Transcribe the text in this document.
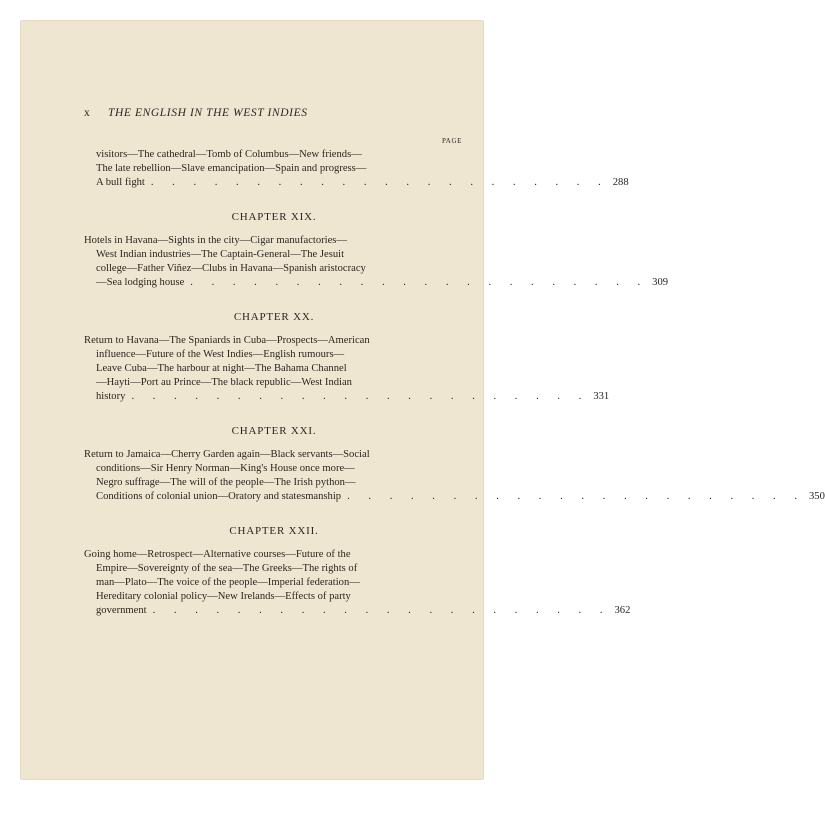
x THE ENGLISH IN THE WEST INDIES
PAGE
visitors—The cathedral—Tomb of Columbus—New friends—
The late rebellion—Slave emancipation—Spain and progress—
A bull fight . . . . . . . . . . . . . . . . . . . . . . 288
CHAPTER XIX.
Hotels in Havana—Sights in the city—Cigar manufactories—
West Indian industries—The Captain-General—The Jesuit
college—Father Viñez—Clubs in Havana—Spanish aristocracy
—Sea lodging house . . . . . . . . . . . . . . . . . . . . . . 309
CHAPTER XX.
Return to Havana—The Spaniards in Cuba—Prospects—American
influence—Future of the West Indies—English rumours—
Leave Cuba—The harbour at night—The Bahama Channel
—Hayti—Port au Prince—The black republic—West Indian
history . . . . . . . . . . . . . . . . . . . . . . 331
CHAPTER XXI.
Return to Jamaica—Cherry Garden again—Black servants—Social
conditions—Sir Henry Norman—King's House once more—
Negro suffrage—The will of the people—The Irish python—
Conditions of colonial union—Oratory and statesmanship . . . . . . . . . . . . . . . . . . . . . . 350
CHAPTER XXII.
Going home—Retrospect—Alternative courses—Future of the
Empire—Sovereignty of the sea—The Greeks—The rights of
man—Plato—The voice of the people—Imperial federation—
Hereditary colonial policy—New Irelands—Effects of party
government . . . . . . . . . . . . . . . . . . . . . . 362
